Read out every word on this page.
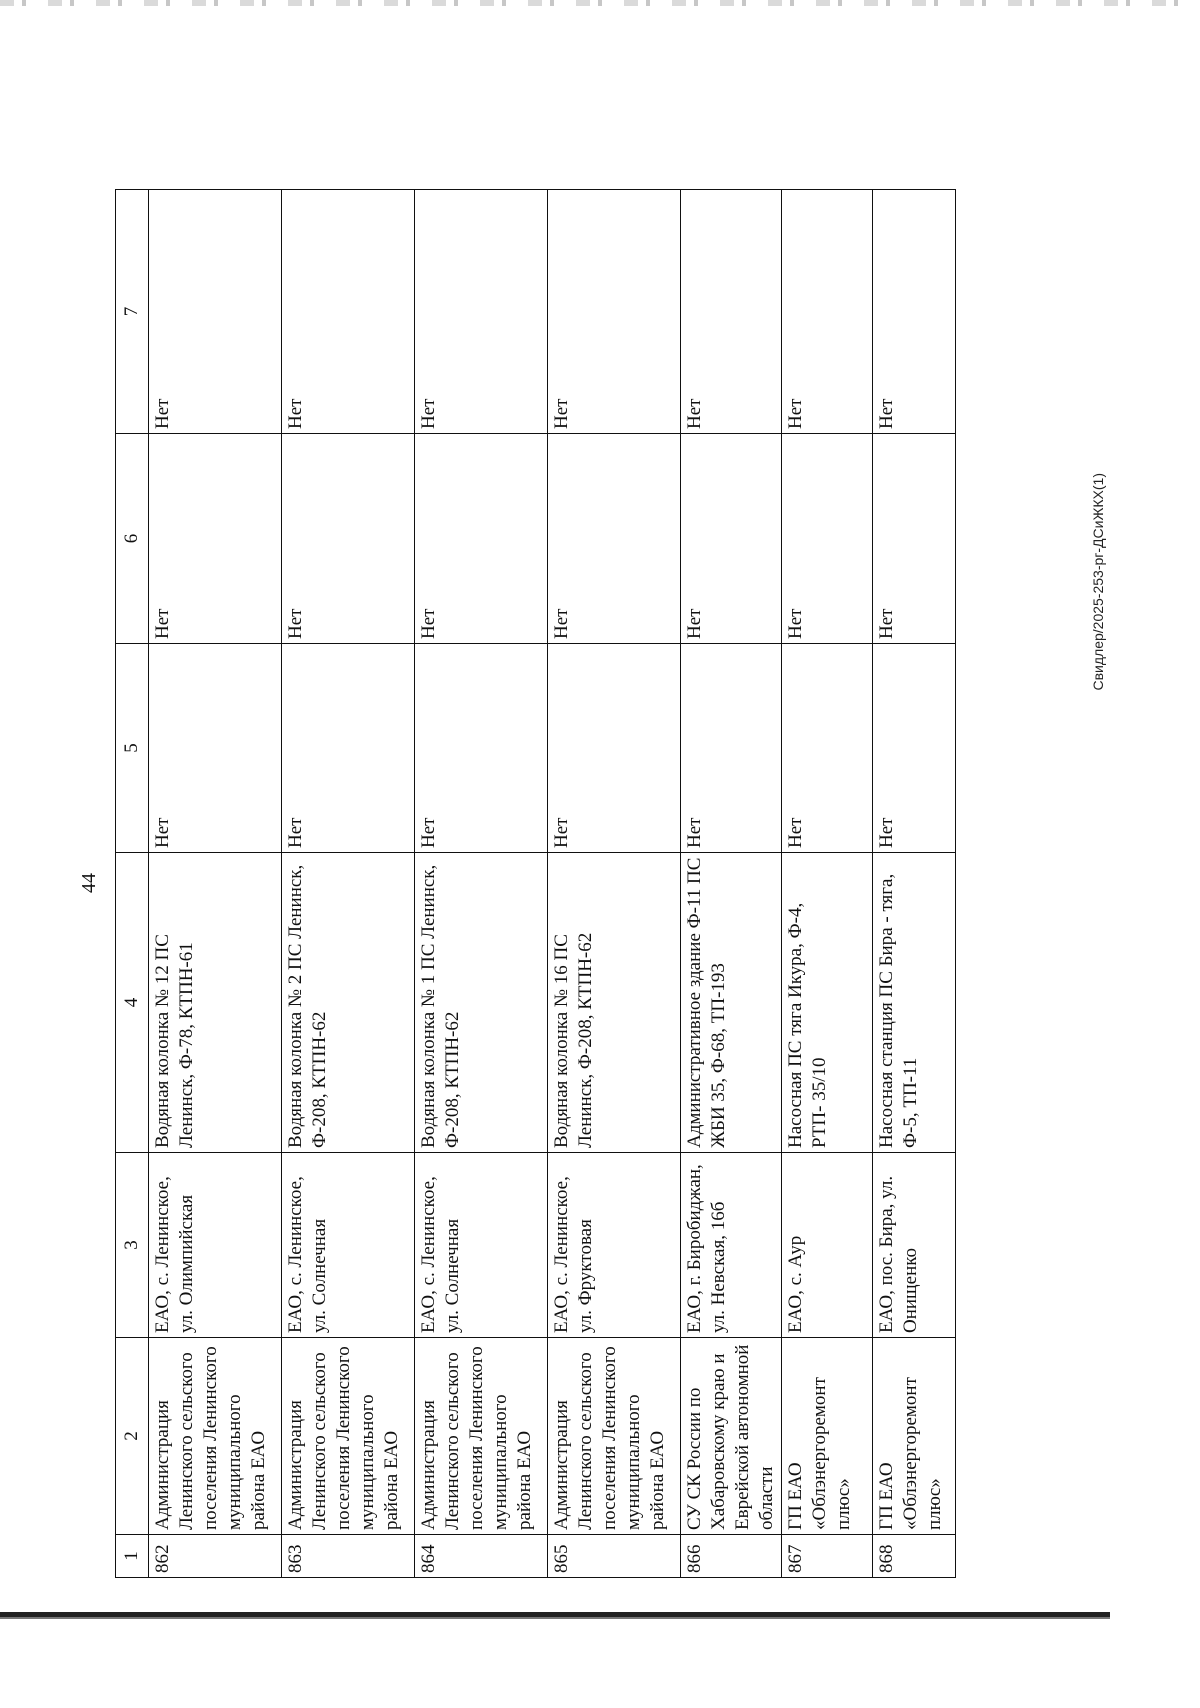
44
1	2	3	4	5	6	7
862	Администрация Ленинского сельского поселения Ленинского муниципального района ЕАО	ЕАО, с. Ленинское, ул. Олимпийская	Водяная колонка № 12 ПС Ленинск, Ф-78, КТПН-61	Нет	Нет	Нет
863	Администрация Ленинского сельского поселения Ленинского муниципального района ЕАО	ЕАО, с. Ленинское, ул. Солнечная	Водяная колонка № 2 ПС Ленинск, Ф-208, КТПН-62	Нет	Нет	Нет
864	Администрация Ленинского сельского поселения Ленинского муниципального района ЕАО	ЕАО, с. Ленинское, ул. Солнечная	Водяная колонка № 1 ПС Ленинск, Ф-208, КТПН-62	Нет	Нет	Нет
865	Администрация Ленинского сельского поселения Ленинского муниципального района ЕАО	ЕАО, с. Ленинское, ул. Фруктовая	Водяная колонка № 16 ПС Ленинск, Ф-208, КТПН-62	Нет	Нет	Нет
866	СУ СК России по Хабаровскому краю и Еврейской автономной области	ЕАО, г. Биробиджан, ул. Невская, 16б	Административное здание Ф-11 ПС ЖБИ 35, Ф-68, ТП-193	Нет	Нет	Нет
867	ГП ЕАО «Облэнергоремонт плюс»	ЕАО, с. Аур	Насосная ПС тяга Икура, Ф-4, РТП- 35/10	Нет	Нет	Нет
868	ГП ЕАО «Облэнергоремонт плюс»	ЕАО, пос. Бира, ул. Онищенко	Насосная станция ПС Бира - тяга, Ф-5, ТП-11	Нет	Нет	Нет
Свидлер/2025-253-рг-ДСиЖКХ(1)
